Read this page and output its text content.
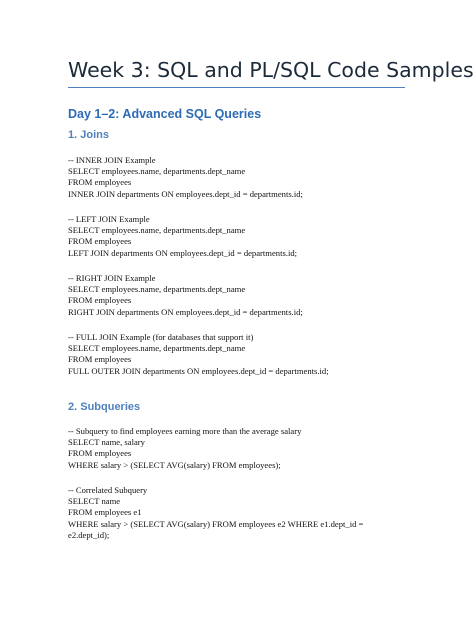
Week 3: SQL and PL/SQL Code Samples
Day 1–2: Advanced SQL Queries
1. Joins
-- INNER JOIN Example
SELECT employees.name, departments.dept_name
FROM employees
INNER JOIN departments ON employees.dept_id = departments.id;
-- LEFT JOIN Example
SELECT employees.name, departments.dept_name
FROM employees
LEFT JOIN departments ON employees.dept_id = departments.id;
-- RIGHT JOIN Example
SELECT employees.name, departments.dept_name
FROM employees
RIGHT JOIN departments ON employees.dept_id = departments.id;
-- FULL JOIN Example (for databases that support it)
SELECT employees.name, departments.dept_name
FROM employees
FULL OUTER JOIN departments ON employees.dept_id = departments.id;
2. Subqueries
-- Subquery to find employees earning more than the average salary
SELECT name, salary
FROM employees
WHERE salary > (SELECT AVG(salary) FROM employees);
-- Correlated Subquery
SELECT name
FROM employees e1
WHERE salary > (SELECT AVG(salary) FROM employees e2 WHERE e1.dept_id =
e2.dept_id);
